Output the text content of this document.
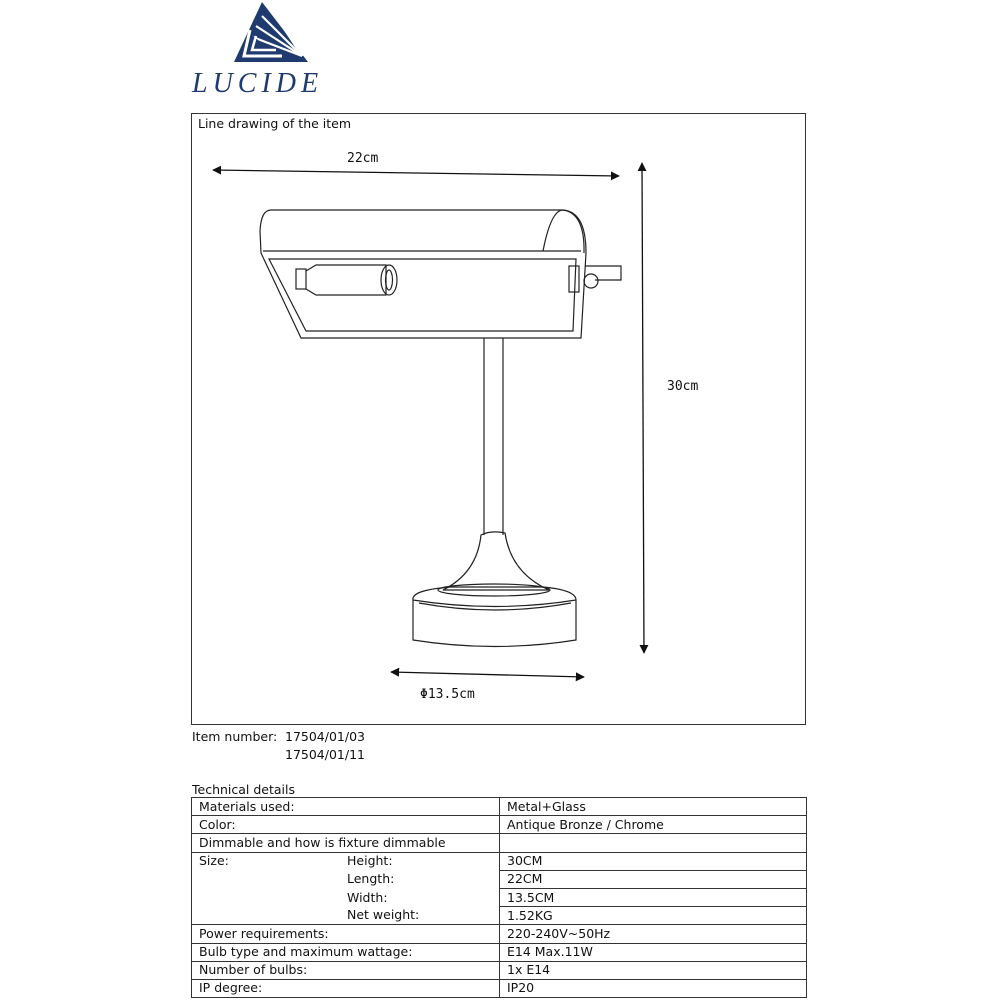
LUCIDE
Line drawing of the item
22cm
30cm
Φ13.5cm
Item number: 17504/01/03
17504/01/11
Technical details
Materials used:	Metal+Glass
Color:	Antique Bronze / Chrome
Dimmable and how is fixture dimmable	
Size: Height:	30CM
Length:	22CM
Width:	13.5CM
Net weight:	1.52KG
Power requirements:	220-240V~50Hz
Bulb type and maximum wattage:	E14 Max.11W
Number of bulbs:	1x E14
IP degree:	IP20
